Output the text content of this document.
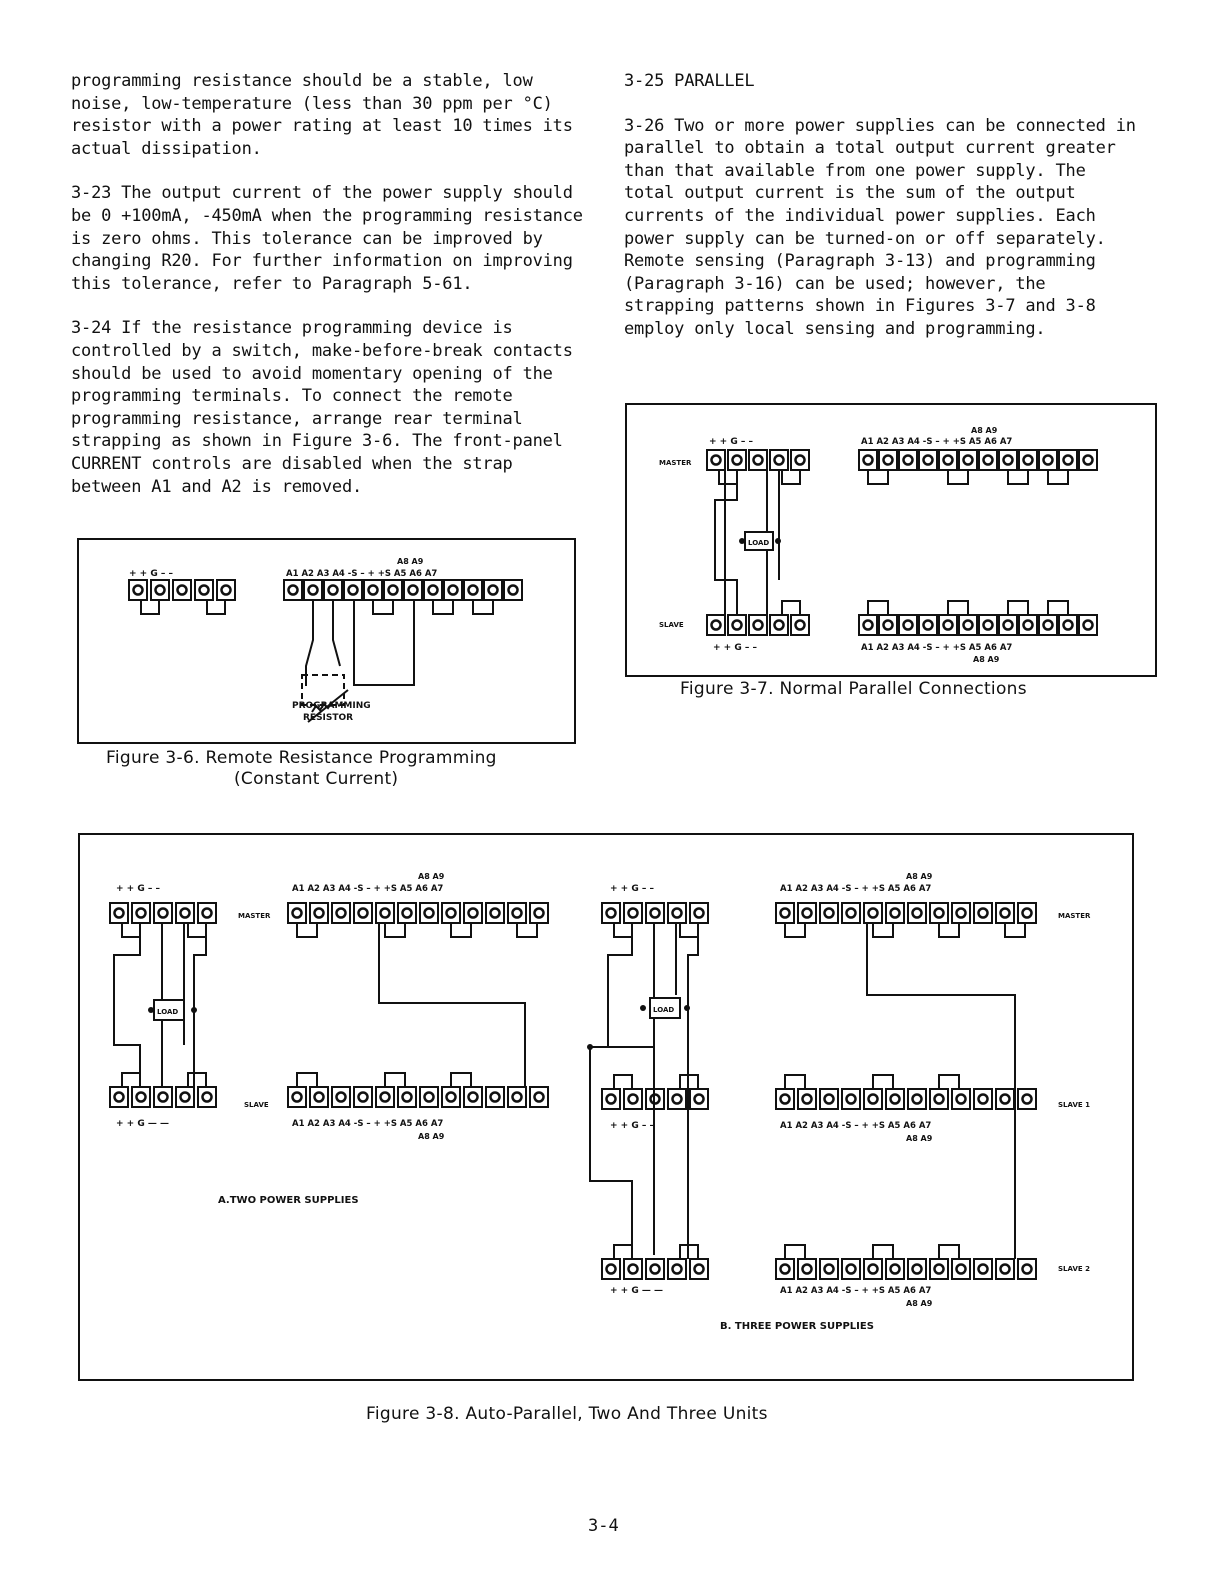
programming resistance should be a stable, low noise, low-temperature (less than 30 ppm per °C) resistor with a power rating at least 10 times its actual dissipation.

3-23 The output current of the power supply should be 0 +100mA, -450mA when the programming resistance is zero ohms. This tolerance can be improved by changing R20. For further information on improving this tolerance, refer to Paragraph 5-61.

3-24 If the resistance programming device is controlled by a switch, make-before-break contacts should be used to avoid momentary opening of the programming terminals. To connect the remote programming resistance, arrange rear terminal strapping as shown in Figure 3-6. The front-panel CURRENT controls are disabled when the strap between A1 and A2 is removed.

3-25 PARALLEL

3-26 Two or more power supplies can be connected in parallel to obtain a total output current greater than that available from one power supply. The total output current is the sum of the output currents of the individual power supplies. Each power supply can be turned-on or off separately. Remote sensing (Paragraph 3-13) and programming (Paragraph 3-16) can be used; however, the strapping patterns shown in Figures 3-7 and 3-8 employ only local sensing and programming.

+ + G – –
A8 A9
A1 A2 A3 A4 -S – + +S A5 A6 A7
PROGRAMMING
RESISTOR
Figure 3-6. Remote Resistance Programming
(Constant Current)
A8 A9
+ + G – –	A1 A2 A3 A4 -S – + +S A5 A6 A7
MASTER
LOAD
SLAVE
+ + G – –	A1 A2 A3 A4 -S – + +S A5 A6 A7
A8 A9
Figure 3-7. Normal Parallel Connections
A8 A9
+ + G – –	A1 A2 A3 A4 -S – + +S A5 A6 A7
MASTER
LOAD
SLAVE
+ + G — —	A1 A2 A3 A4 -S – + +S A5 A6 A7
A8 A9
A.TWO POWER SUPPLIES
A8 A9
+ + G – –	A1 A2 A3 A4 -S – + +S A5 A6 A7
MASTER
LOAD
SLAVE 1
+ + G – –	A1 A2 A3 A4 -S – + +S A5 A6 A7
A8 A9
SLAVE 2
+ + G — —	A1 A2 A3 A4 -S – + +S A5 A6 A7
A8 A9
B. THREE POWER SUPPLIES
Figure 3-8. Auto-Parallel, Two And Three Units
3-4
